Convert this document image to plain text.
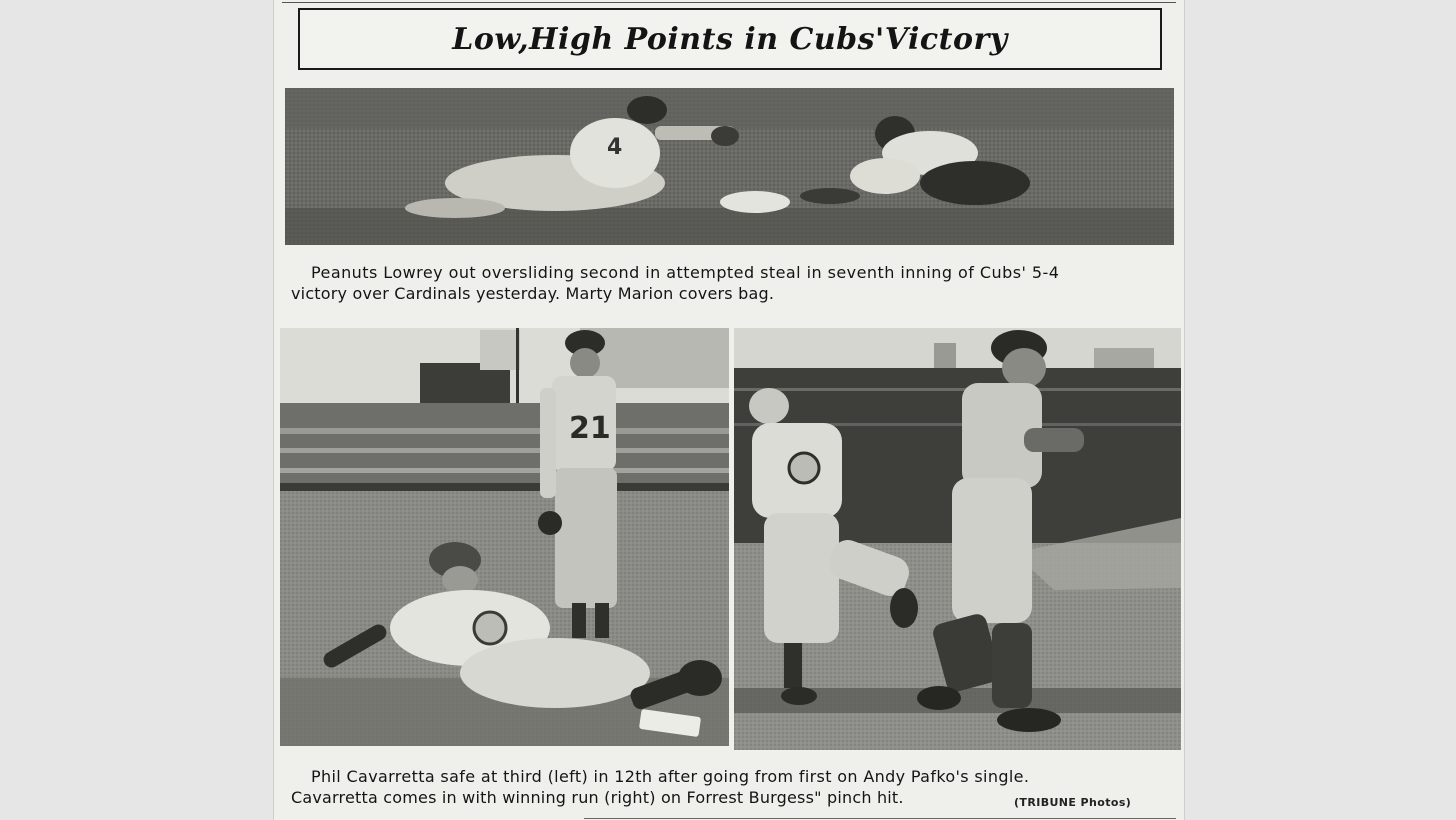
Low,High Points in Cubs'Victory
4
Peanuts Lowrey out oversliding second in attempted steal in seventh inning of Cubs' 5-4
victory over Cardinals yesterday. Marty Marion covers bag.
21
Phil Cavarretta safe at third (left) in 12th after going from first on Andy Pafko's single.
Cavarretta comes in with winning run (right) on Forrest Burgess" pinch hit.	(TRIBUNE Photos)
